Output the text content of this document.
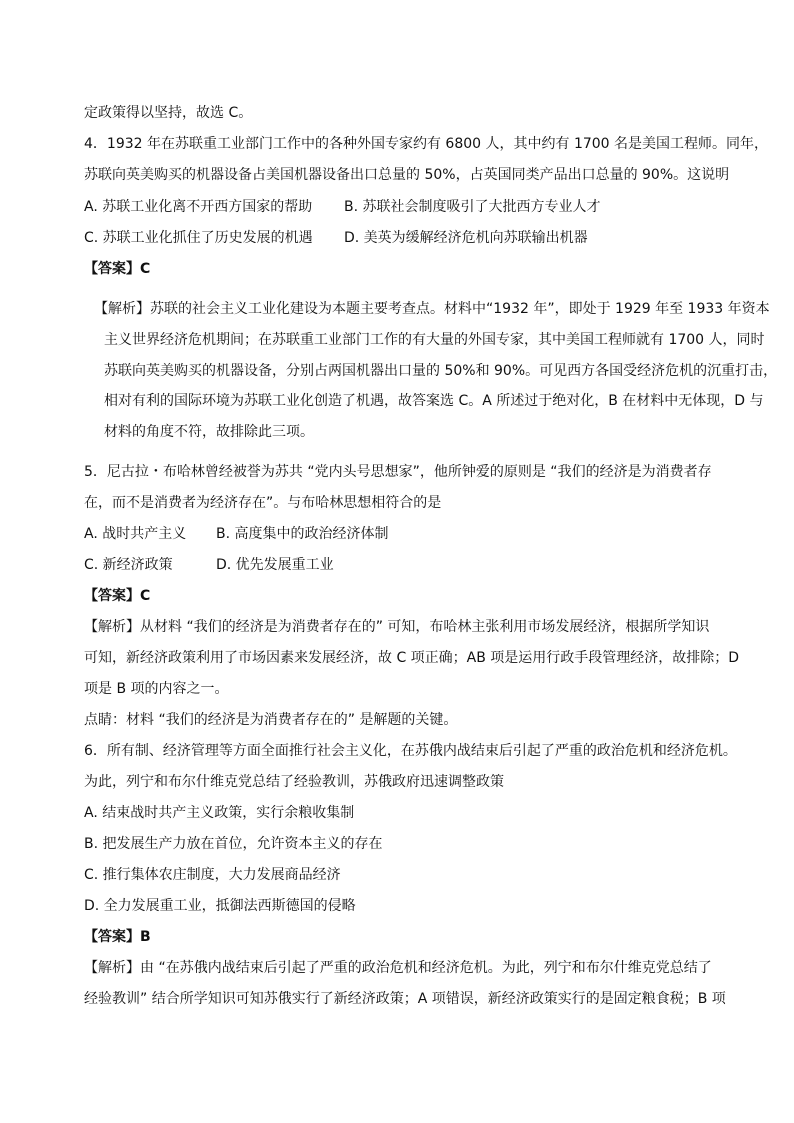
定政策得以坚持，故选 C。
4．1932 年在苏联重工业部门工作中的各种外国专家约有 6800 人，其中约有 1700 名是美国工程师。同年，
苏联向英美购买的机器设备占美国机器设备出口总量的 50%，占英国同类产品出口总量的 90%。这说明
A. 苏联工业化离不开西方国家的帮助 B. 苏联社会制度吸引了大批西方专业人才
C. 苏联工业化抓住了历史发展的机遇 D. 美英为缓解经济危机向苏联输出机器
【答案】C
【解析】苏联的社会主义工业化建设为本题主要考查点。材料中“1932 年”，即处于 1929 年至 1933 年资本
主义世界经济危机期间；在苏联重工业部门工作的有大量的外国专家，其中美国工程师就有 1700 人，同时
苏联向英美购买的机器设备，分别占两国机器出口量的 50%和 90%。可见西方各国受经济危机的沉重打击，
相对有利的国际环境为苏联工业化创造了机遇，故答案选 C。A 所述过于绝对化，B 在材料中无体现，D 与
材料的角度不符，故排除此三项。
5．尼古拉・布哈林曾经被誉为苏共 “党内头号思想家”，他所钟爱的原则是 “我们的经济是为消费者存
在，而不是消费者为经济存在”。与布哈林思想相符合的是
A. 战时共产主义 B. 高度集中的政治经济体制
C. 新经济政策	D. 优先发展重工业
【答案】C
【解析】从材料 “我们的经济是为消费者存在的” 可知，布哈林主张利用市场发展经济，根据所学知识
可知，新经济政策利用了市场因素来发展经济，故 C 项正确；AB 项是运用行政手段管理经济，故排除；D
项是 B 项的内容之一。
点睛：材料 “我们的经济是为消费者存在的” 是解题的关键。
6．所有制、经济管理等方面全面推行社会主义化，在苏俄内战结束后引起了严重的政治危机和经济危机。
为此，列宁和布尔什维克党总结了经验教训，苏俄政府迅速调整政策
A. 结束战时共产主义政策，实行余粮收集制
B. 把发展生产力放在首位，允许资本主义的存在
C. 推行集体农庄制度，大力发展商品经济
D. 全力发展重工业，抵御法西斯德国的侵略
【答案】B
【解析】由 “在苏俄内战结束后引起了严重的政治危机和经济危机。为此，列宁和布尔什维克党总结了
经验教训” 结合所学知识可知苏俄实行了新经济政策；A 项错误，新经济政策实行的是固定粮食税；B 项
